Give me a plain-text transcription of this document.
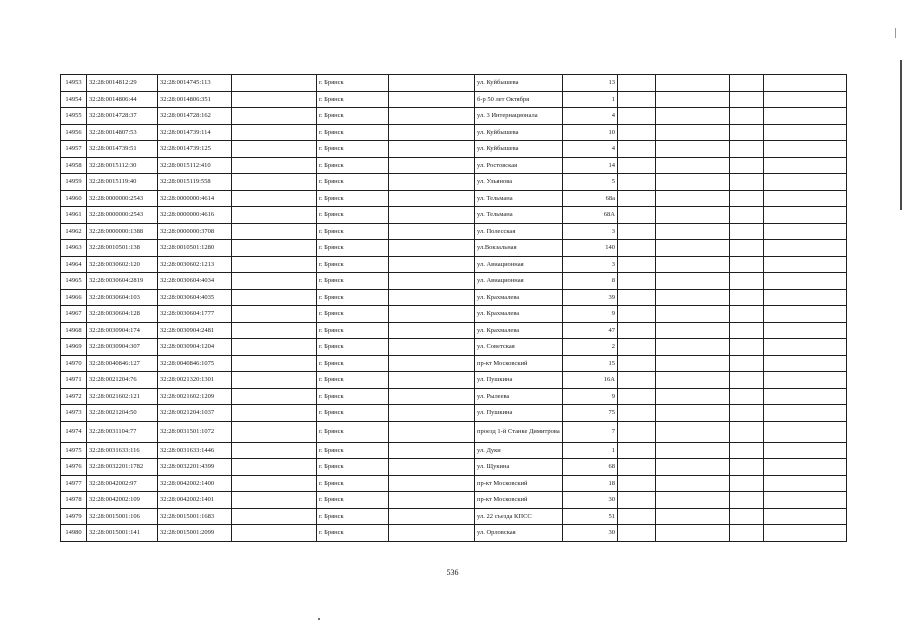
14953	32:28:0014812:29	32:28:0014745:113		г. Брянск		ул. Куйбышева	13				
14954	32:28:0014806:44	32:28:0014806:351		г. Брянск		б-р 50 лет Октября	1				
14955	32:28:0014728:37	32:28:0014728:162		г. Брянск		ул. 3 Интернационала	4				
14956	32:28:0014807:53	32:28:0014739:114		г. Брянск		ул. Куйбышева	10				
14957	32:28:0014739:51	32:28:0014739:125		г. Брянск		ул. Куйбышева	4				
14958	32:28:0015112:30	32:28:0015112:410		г. Брянск		ул. Ростовская	14				
14959	32:28:0015119:40	32:28:0015119:558		г. Брянск		ул. Ульянова	5				
14960	32:28:0000000:2543	32:28:0000000:4614		г. Брянск		ул. Тельмана	68а				
14961	32:28:0000000:2543	32:28:0000000:4616		г. Брянск		ул. Тельмана	68А				
14962	32:28:0000000:1388	32:28:0000000:3708		г. Брянск		ул. Полесская	3				
14963	32:28:0010501:138	32:28:0010501:1280		г. Брянск		ул.Вокзальная	140				
14964	32:28:0030602:120	32:28:0030602:1213		г. Брянск		ул. Авиационная	3				
14965	32:28:0030604:2819	32:28:0030604:4034		г. Брянск		ул. Авиационная	8				
14966	32:28:0030604:103	32:28:0030604:4035		г. Брянск		ул. Крахмалева	39				
14967	32:28:0030604:128	32:28:0030604:1777		г. Брянск		ул. Крахмалева	9				
14968	32:28:0030904:174	32:28:0030904:2481		г. Брянск		ул. Крахмалева	47				
14969	32:28:0030904:307	32:28:0030904:1204		г. Брянск		ул. Советская	2				
14970	32:28:0040846:127	32:28:0040846:1075		г. Брянск		пр-кт Московский	15				
14971	32:28:0021204:76	32:28:0021320:1301		г. Брянск		ул. Пушкина	16А				
14972	32:28:0021602:121	32:28:0021602:1209		г. Брянск		ул. Рылеева	9				
14973	32:28:0021204:50	32:28:0021204:1037		г. Брянск		ул. Пушкина	75				
14974	32:28:0031104:77	32:28:0031501:1072		г. Брянск		проезд 1-й Станке Димитрова	7				
14975	32:28:0031633:116	32:28:0031633:1446		г. Брянск		ул. Дуки	1				
14976	32:28:0032201:1782	32:28:0032201:4399		г. Брянск		ул. Щукина	68				
14977	32:28:0042002:97	32:28:0042002:1400		г. Брянск		пр-кт Московский	18				
14978	32:28:0042002:109	32:28:0042002:1401		г. Брянск		пр-кт Московский	30				
14979	32:28:0015001:106	32:28:0015001:1683		г. Брянск		ул. 22 съезда КПСС	51				
14980	32:28:0015001:141	32:28:0015001:2099		г. Брянск		ул. Орловская	30				
536
